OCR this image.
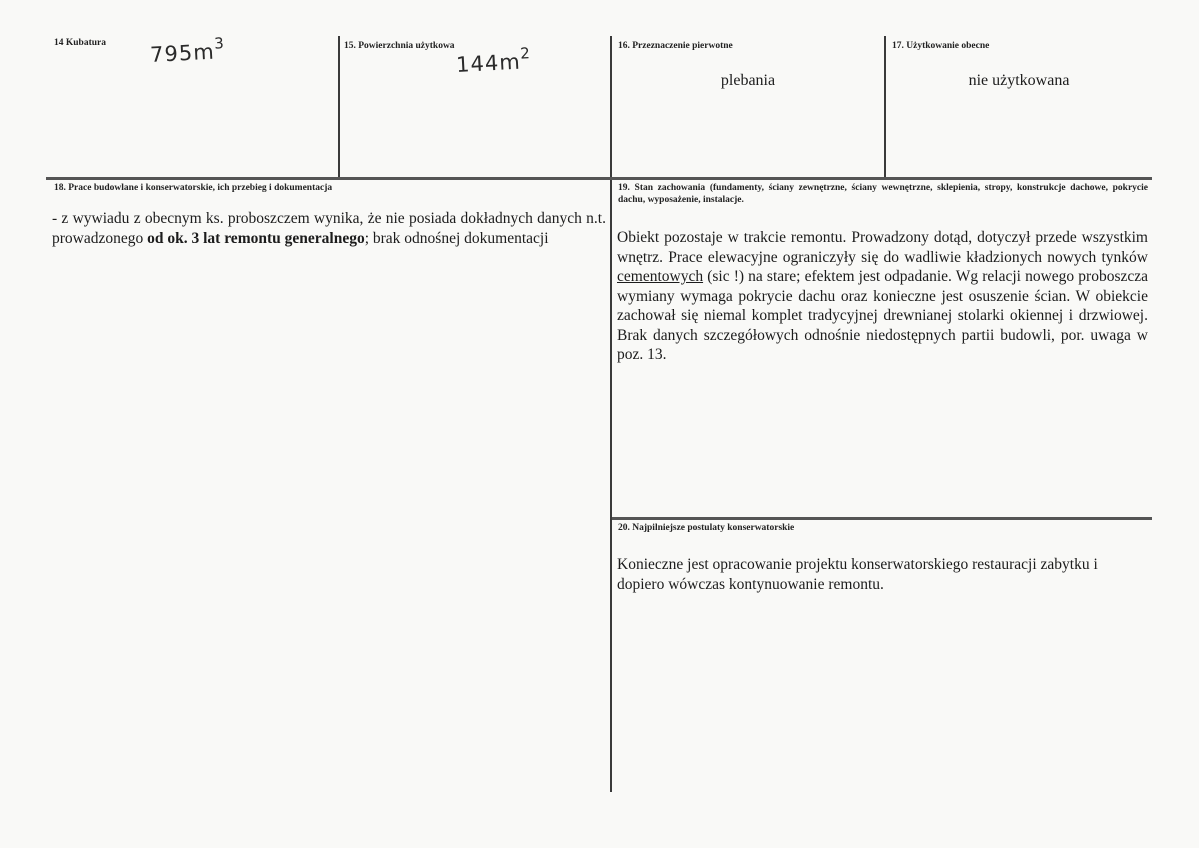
14 Kubatura $795m^3$	15. Powierzchnia użytkowa
$144m^2$	16. Przeznaczenie pierwotne
plebania
17. Użytkowanie obecne
nie użytkowana
18. Prace budowlane i konserwatorskie, ich przebieg i dokumentacja
- z wywiadu z obecnym ks. proboszczem wynika, że nie posiada dokładnych danych n.t. prowadzonego od ok. 3 lat remontu generalnego; brak odnośnej dokumentacji
19. Stan zachowania (fundamenty, ściany zewnętrzne, ściany wewnętrzne, sklepienia, stropy, konstrukcje dachowe, pokrycie dachu, wyposażenie, instalacje.
Obiekt pozostaje w trakcie remontu. Prowadzony dotąd, dotyczył przede wszystkim wnętrz. Prace elewacyjne ograniczyły się do wadliwie kładzionych nowych tynków cementowych (sic !) na stare; efektem jest odpadanie. Wg relacji nowego proboszcza wymiany wymaga pokrycie dachu oraz konieczne jest osuszenie ścian. W obiekcie zachował się niemal komplet tradycyjnej drewnianej stolarki okiennej i drzwiowej. Brak danych szczegółowych odnośnie niedostępnych partii budowli, por. uwaga w poz. 13.
20. Najpilniejsze postulaty konserwatorskie
Konieczne jest opracowanie projektu konserwatorskiego restauracji zabytku i dopiero wówczas kontynuowanie remontu.
